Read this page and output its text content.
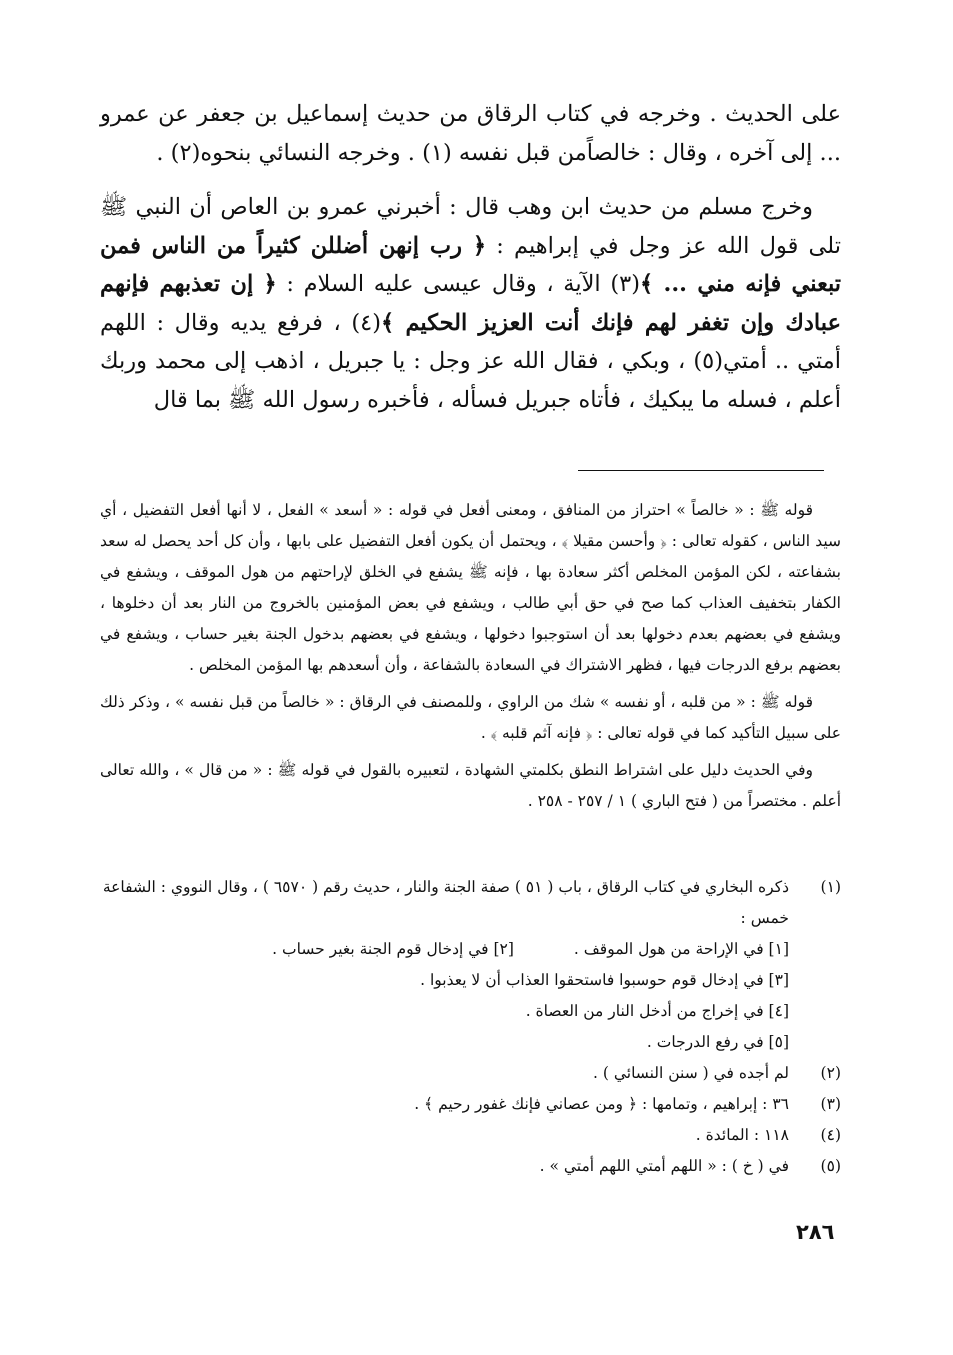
على الحديث . وخرجه في كتاب الرقاق من حديث إسماعيل بن جعفر عن عمرو ... إلى آخره ، وقال : خالصاًمن قبل نفسه (١) . وخرجه النسائي بنحوه(٢) .

وخرج مسلم من حديث ابن وهب قال : أخبرني عمرو بن العاص أن النبي ﷺ تلى قول الله عز وجل في إبراهيم : ﴿ رب إنهن أضللن كثيراً من الناس فمن تبعني فإنه مني ... ﴾(٣) الآية ، وقال عيسى عليه السلام : ﴿ إن تعذبهم فإنهم عبادك وإن تغفر لهم فإنك أنت العزيز الحكيم ﴾(٤) ، فرفع يديه وقال : اللهم أمتي .. أمتي(٥) ، وبكي ، فقال الله عز وجل : يا جبريل ، اذهب إلى محمد وربك أعلم ، فسله ما يبكيك ، فأتاه جبريل فسأله ، فأخبره رسول الله ﷺ بما قال

قوله ﷺ : « خالصاً » احتراز من المنافق ، ومعنى أفعل في قوله : « أسعد » الفعل ، لا أنها أفعل التفضيل ، أي سيد الناس ، كقوله تعالى : ﴿ وأحسن مقيلا ﴾ ، ويحتمل أن يكون أفعل التفضيل على بابها ، وأن كل أحد يحصل له سعد بشفاعته ، لكن المؤمن المخلص أكثر سعادة بها ، فإنه ﷺ يشفع في الخلق لإراحتهم من هول الموقف ، ويشفع في الكفار بتخفيف العذاب كما صح في حق أبي طالب ، ويشفع في بعض المؤمنين بالخروج من النار بعد أن دخلوها ، ويشفع في بعضهم بعدم دخولها بعد أن استوجبوا دخولها ، ويشفع في بعضهم بدخول الجنة بغير حساب ، ويشفع في بعضهم برفع الدرجات فيها ، فظهر الاشتراك في السعادة بالشفاعة ، وأن أسعدهم بها المؤمن المخلص .

قوله ﷺ : « من قلبه ، أو نفسه » شك من الراوي ، وللمصنف في الرقاق : « خالصاً من قبل نفسه » ، وذكر ذلك على سبيل التأكيد كما في قوله تعالى : ﴿ فإنه آثم قلبه ﴾ .

وفي الحديث دليل على اشتراط النطق بكلمتي الشهادة ، لتعبيره بالقول في قوله ﷺ : « من قال » ، والله تعالى أعلم . مختصراً من ( فتح الباري ) ١ / ٢٥٧ - ٢٥٨ .

(١)
ذكره البخاري في كتاب الرقاق ، باب ( ٥١ ) صفة الجنة والنار ، حديث رقم ( ٦٥٧٠ ) ، وقال النووي : الشفاعة خمس :
[١] في الإراحة من هول الموقف .
[٢] في إدخال قوم الجنة بغير حساب .
[٣] في إدخال قوم حوسبوا فاستحقوا العذاب أن لا يعذبوا .
[٤] في إخراج من أدخل النار من العصاة .
[٥] في رفع الدرجات .
(٢)
لم أجده في ( سنن النسائي ) .
(٣)
٣٦ : إبراهيم ، وتمامها : ﴿ ومن عصاني فإنك غفور رحيم ﴾ .
(٤)
١١٨ : المائدة .
(٥)
في ( خ ) : « اللهم أمتي اللهم أمتي » .
٢٨٦
